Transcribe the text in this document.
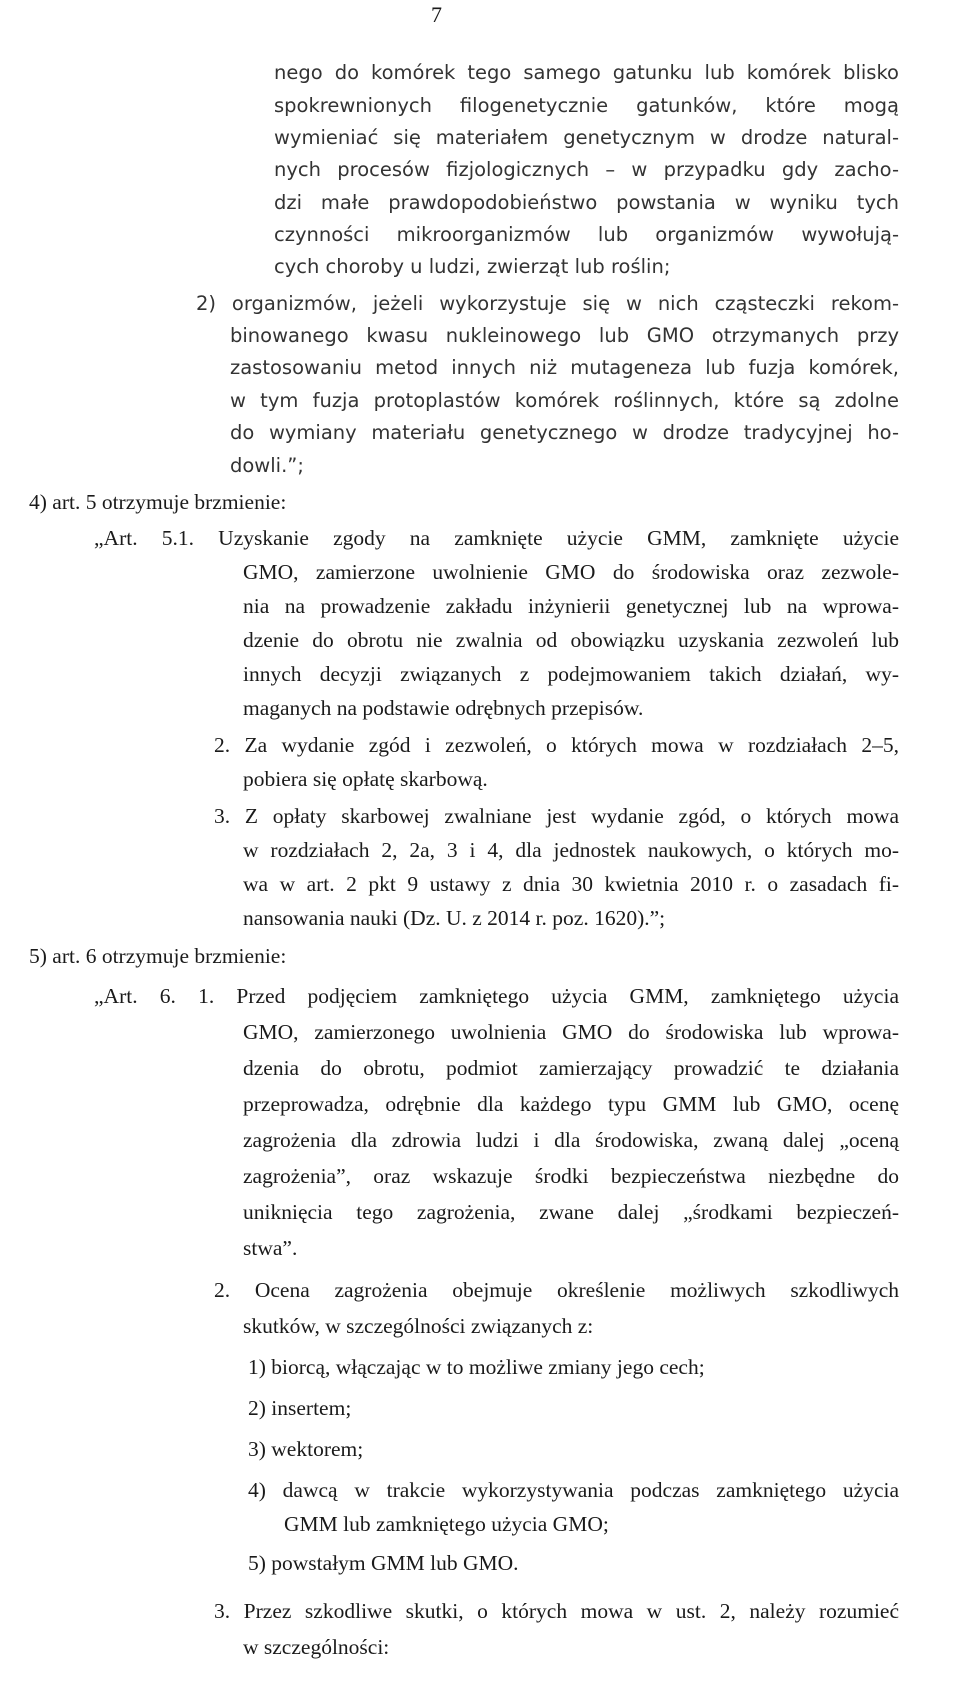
7
nego do komórek tego samego gatunku lub komórek blisko
spokrewnionych filogenetycznie gatunków, które mogą
wymieniać się materiałem genetycznym w drodze natural-
nych procesów fizjologicznych – w przypadku gdy zacho-
dzi małe prawdopodobieństwo powstania w wyniku tych
czynności mikroorganizmów lub organizmów wywołują-
cych choroby u ludzi, zwierząt lub roślin;
2) organizmów, jeżeli wykorzystuje się w nich cząsteczki rekom-
binowanego kwasu nukleinowego lub GMO otrzymanych przy
zastosowaniu metod innych niż mutageneza lub fuzja komórek,
w tym fuzja protoplastów komórek roślinnych, które są zdolne
do wymiany materiału genetycznego w drodze tradycyjnej ho-
dowli.”;
4) art. 5 otrzymuje brzmienie:
„Art. 5.1. Uzyskanie zgody na zamknięte użycie GMM, zamknięte użycie
GMO, zamierzone uwolnienie GMO do środowiska oraz zezwole-
nia na prowadzenie zakładu inżynierii genetycznej lub na wprowa-
dzenie do obrotu nie zwalnia od obowiązku uzyskania zezwoleń lub
innych decyzji związanych z podejmowaniem takich działań, wy-
maganych na podstawie odrębnych przepisów.
2. Za wydanie zgód i zezwoleń, o których mowa w rozdziałach 2–5,
pobiera się opłatę skarbową.
3. Z opłaty skarbowej zwalniane jest wydanie zgód, o których mowa
w rozdziałach 2, 2a, 3 i 4, dla jednostek naukowych, o których mo-
wa w art. 2 pkt 9 ustawy z dnia 30 kwietnia 2010 r. o zasadach fi-
nansowania nauki (Dz. U. z 2014 r. poz. 1620).”;
5) art. 6 otrzymuje brzmienie:
„Art. 6. 1. Przed podjęciem zamkniętego użycia GMM, zamkniętego użycia
GMO, zamierzonego uwolnienia GMO do środowiska lub wprowa-
dzenia do obrotu, podmiot zamierzający prowadzić te działania
przeprowadza, odrębnie dla każdego typu GMM lub GMO, ocenę
zagrożenia dla zdrowia ludzi i dla środowiska, zwaną dalej „oceną
zagrożenia”, oraz wskazuje środki bezpieczeństwa niezbędne do
uniknięcia tego zagrożenia, zwane dalej „środkami bezpieczeń-
stwa”.
2. Ocena zagrożenia obejmuje określenie możliwych szkodliwych
skutków, w szczególności związanych z:
1) biorcą, włączając w to możliwe zmiany jego cech;
2) insertem;
3) wektorem;
4) dawcą w trakcie wykorzystywania podczas zamkniętego użycia
GMM lub zamkniętego użycia GMO;
5) powstałym GMM lub GMO.
3. Przez szkodliwe skutki, o których mowa w ust. 2, należy rozumieć
w szczególności:
